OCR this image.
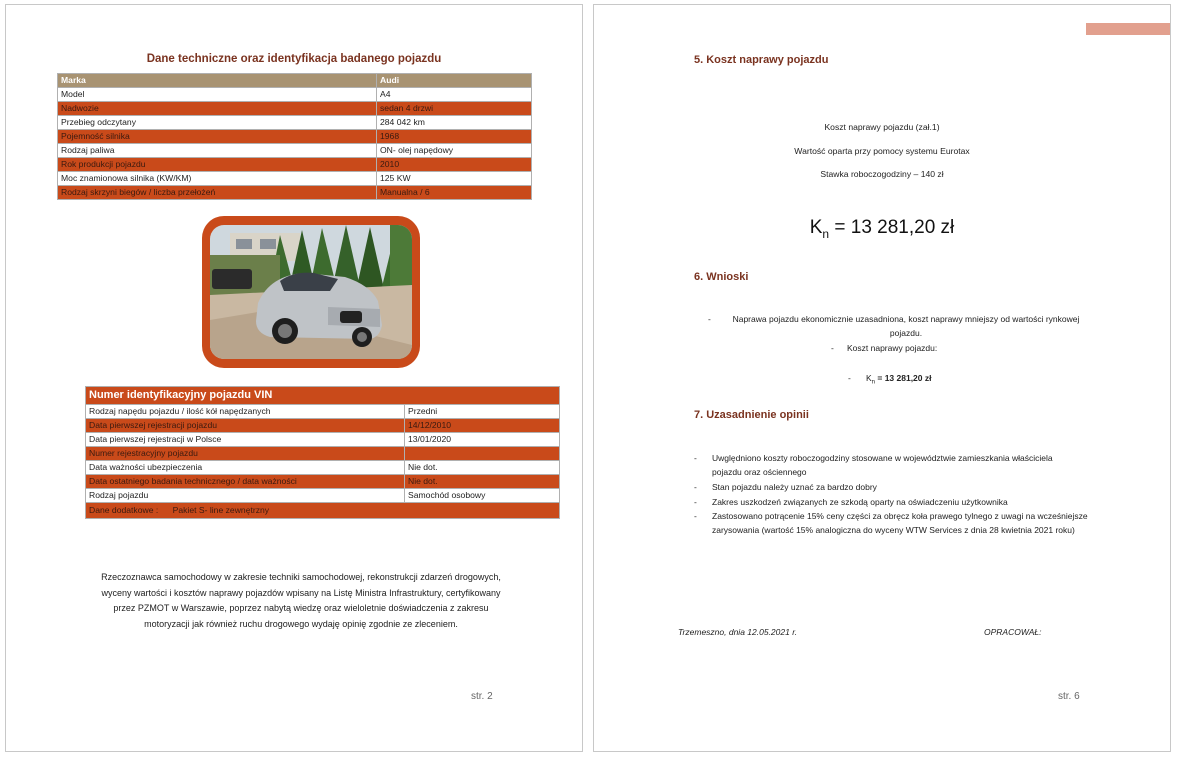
Dane techniczne oraz identyfikacja badanego pojazdu
Marka	Audi
Model	A4
Nadwozie	sedan 4 drzwi
Przebieg odczytany	284 042 km
Pojemność silnika	1968
Rodzaj paliwa	ON- olej napędowy
Rok produkcji pojazdu	2010
Moc znamionowa silnika (KW/KM)	125 KW
Rodzaj skrzyni biegów / liczba przełożeń	Manualna / 6
Numer identyfikacyjny pojazdu VIN	
Rodzaj napędu pojazdu / ilość kół napędzanych	Przedni
Data pierwszej rejestracji pojazdu	14/12/2010
Data pierwszej rejestracji w Polsce	13/01/2020
Numer rejestracyjny pojazdu	
Data ważności ubezpieczenia	Nie dot.
Data ostatniego badania technicznego / data ważności	Nie dot.
Rodzaj pojazdu	Samochód osobowy
Dane dodatkowe : Pakiet S- line zewnętrzny	
Rzeczoznawca samochodowy w zakresie techniki samochodowej, rekonstrukcji zdarzeń drogowych, wyceny wartości i kosztów naprawy pojazdów wpisany na Listę Ministra Infrastruktury, certyfikowany przez PZMOT w Warszawie, poprzez nabytą wiedzę oraz wieloletnie doświadczenia z zakresu motoryzacji jak również ruchu drogowego wydaję opinię zgodnie ze zleceniem.
str. 2
5. Koszt naprawy pojazdu
Koszt naprawy pojazdu (zał.1)
Wartość oparta przy pomocy systemu Eurotax
Stawka roboczogodziny – 140 zł
$K_n = 13$ 281,20 zł
6. Wnioski
-	Naprawa pojazdu ekonomicznie uzasadniona, koszt naprawy mniejszy od wartości rynkowej pojazdu.
- Koszt naprawy pojazdu:
- $K_n = 13$ 281,20 zł
7. Uzasadnienie opinii
- Uwględniono koszty roboczogodziny stosowane w województwie zamieszkania właściciela pojazdu oraz ościennego
- Stan pojazdu należy uznać za bardzo dobry
- Zakres uszkodzeń związanych ze szkodą oparty na oświadczeniu użytkownika
- Zastosowano potrącenie 15% ceny części za obręcz koła prawego tylnego z uwagi na wcześniejsze zarysowania (wartość 15% analogiczna do wyceny WTW Services z dnia 28 kwietnia 2021 roku)
Trzemeszno, dnia 12.05.2021 r.	OPRACOWAŁ:
str. 6
